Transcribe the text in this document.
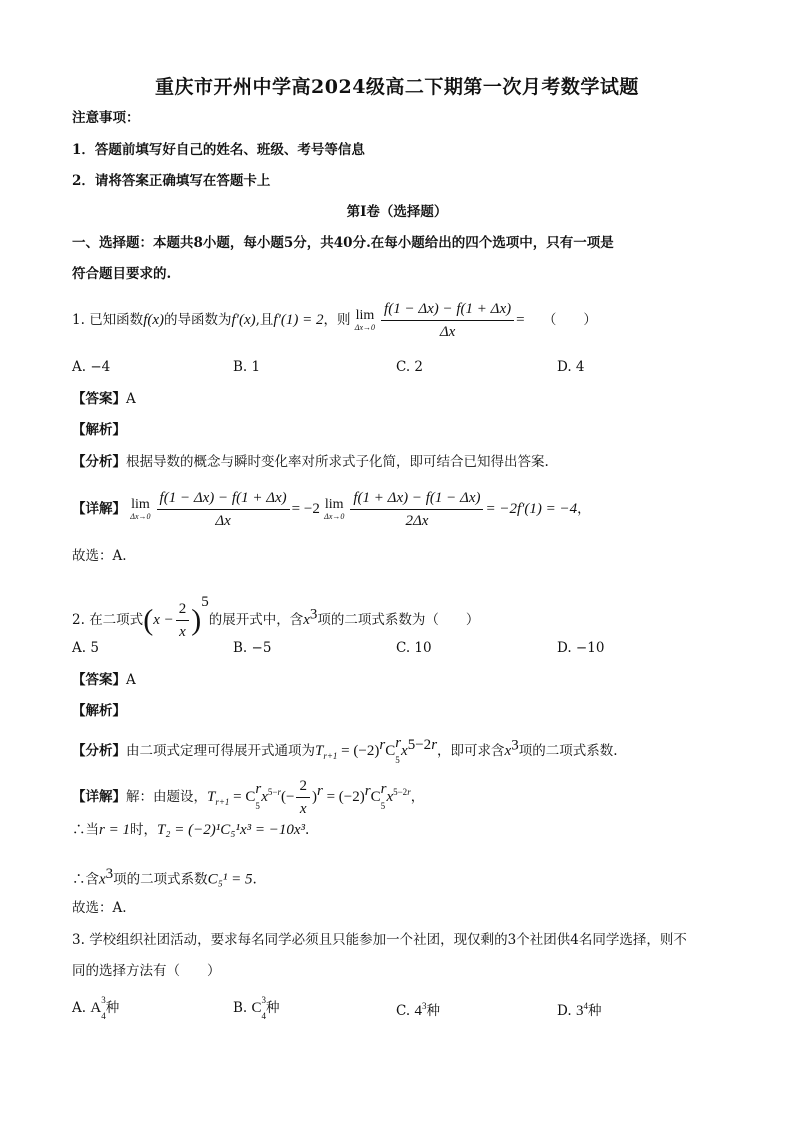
重庆市开州中学高2024级高二下期第一次月考数学试题
注意事项：
1．答题前填写好自己的姓名、班级、考号等信息
2．请将答案正确填写在答题卡上
第I卷（选择题）
一、选择题：本题共8小题，每小题5分，共40分.在每小题给出的四个选项中，只有一项是
符合题目要求的.
1. 已知函数f(x)的导函数为f′(x),且f′(1) = 2，则 lim
$\Delta x\to 0 \frac{f(1 - \Delta x) - f(1 + \Delta x)}{\Delta x}$ = （　　）
A. −4	B. 1	C. 2	D. 4
【答案】A
【解析】
【分析】根据导数的概念与瞬时变化率对所求式子化简，即可结合已知得出答案.
【详解】 lim
$\Delta x\to 0 \frac{f(1 - \Delta x) - f(1 + \Delta x)}{\Delta x} = -2$ lim
$\Delta x\to 0 \frac{f(1 + \Delta x) - f(1 - \Delta x)}{2\Delta x} = -2f'(1) = -4$，
故选：A.
2. 在二项式$(x - \frac{2}{x} )^5$的展开式中，含$x^3$项的二项式系数为（　　）
A. 5	B. −5	C. 10	D. −10
【答案】A
【解析】
【分析】由二项式定理可得展开式通项为$T_{r+1} = (-2)^rC^r$
$_5x^{5-2r}$，即可求含$x^3$项的二项式系数.
【详解】解：由题设，$T_{r+1} = C^r$
$_5x^{5-r}(- \frac{2}{x} )^r = (-2)^rC^r$
$_5x^{5-2r}$，
∴当r = 1时，T₂ = (−2)¹C₅¹x³ = −10x³.
∴含$x^3$项的二项式系数C₅¹ = 5.
故选：A.
3. 学校组织社团活动，要求每名同学必须且只能参加一个社团，现仅剩的3个社团供4名同学选择，则不
同的选择方法有（　　）
A. $A^3$
$_4$种	B. $C^3$
$_4$种	C. $4^3$种	D. $3^4$种
